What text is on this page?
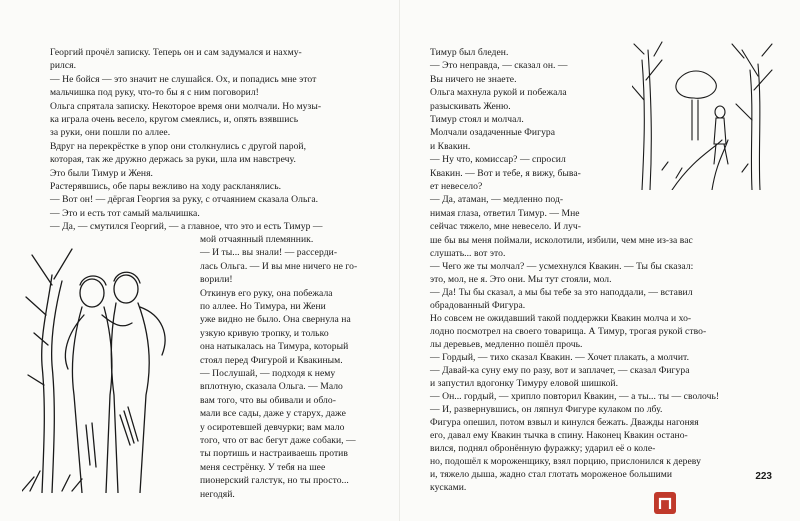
Георгий прочёл записку. Теперь он и сам задумался и нахму-
рился.
— Не бойся — это значит не слушайся. Ох, и попадись мне этот
мальчишка под руку, что-то бы я с ним поговорил!
Ольга спрятала записку. Некоторое время они молчали. Но музы-
ка играла очень весело, кругом смеялись, и, опять взявшись
за руки, они пошли по аллее.
Вдруг на перекрёстке в упор они столкнулись с другой парой,
которая, так же дружно держась за руки, шла им навстречу.
Это были Тимур и Женя.
Растерявшись, обе пары вежливо на ходу раскланялись.
— Вот он! — дёргая Георгия за руку, с отчаянием сказала Ольга.
— Это и есть тот самый мальчишка.
— Да, — смутился Георгий, — а главное, что это и есть Тимур —
мой отчаянный племянник.
— И ты... вы знали! — рассерди-
лась Ольга. — И вы мне ничего не го-
ворили!
Откинув его руку, она побежала
по аллее. Но Тимура, ни Жени
уже видно не было. Она свернула на
узкую кривую тропку, и только
она натыкалась на Тимура, который
стоял перед Фигурой и Квакиным.
— Послушай, — подходя к нему
вплотную, сказала Ольга. — Мало
вам того, что вы обивали и обло-
мали все сады, даже у старух, даже
у осиротевшей девчурки; вам мало
того, что от вас бегут даже собаки, —
ты портишь и настраиваешь против
меня сестрёнку. У тебя на шее
пионерский галстук, но ты просто...
негодяй.
Тимур был бледен.
— Это неправда, — сказал он. —
Вы ничего не знаете.
Ольга махнула рукой и побежала
разыскивать Женю.
Тимур стоял и молчал.
Молчали озадаченные Фигура
и Квакин.
— Ну что, комиссар? — спросил
Квакин. — Вот и тебе, я вижу, быва-
ет невесело?
— Да, атаман, — медленно под-
нимая глаза, ответил Тимур. — Мне
сейчас тяжело, мне невесело. И луч-
ше бы вы меня поймали, исколотили, избили, чем мне из-за вас
слушать... вот это.
— Чего же ты молчал? — усмехнулся Квакин. — Ты бы сказал:
это, мол, не я. Это они. Мы тут стояли, мол.
— Да! Ты бы сказал, а мы бы тебе за это наподдали, — вставил
обрадованный Фигура.
Но совсем не ожидавший такой поддержки Квакин молча и хо-
лодно посмотрел на своего товарища. А Тимур, трогая рукой ство-
лы деревьев, медленно пошёл прочь.
— Гордый, — тихо сказал Квакин. — Хочет плакать, а молчит.
— Давай-ка суну ему по разу, вот и заплачет, — сказал Фигура
и запустил вдогонку Тимуру еловой шишкой.
— Он... гордый, — хрипло повторил Квакин, — а ты... ты — сволочь!
— И, развернувшись, он ляпнул Фигуре кулаком по лбу.
Фигура опешил, потом взвыл и кинулся бежать. Дважды нагоняя
его, давал ему Квакин тычка в спину. Наконец Квакин остано-
вился, поднял обронённую фуражку; ударил её о коле-
но, подошёл к мороженщику, взял порцию, прислонился к дереву
и, тяжело дыша, жадно стал глотать мороженое большими
кусками.
223
